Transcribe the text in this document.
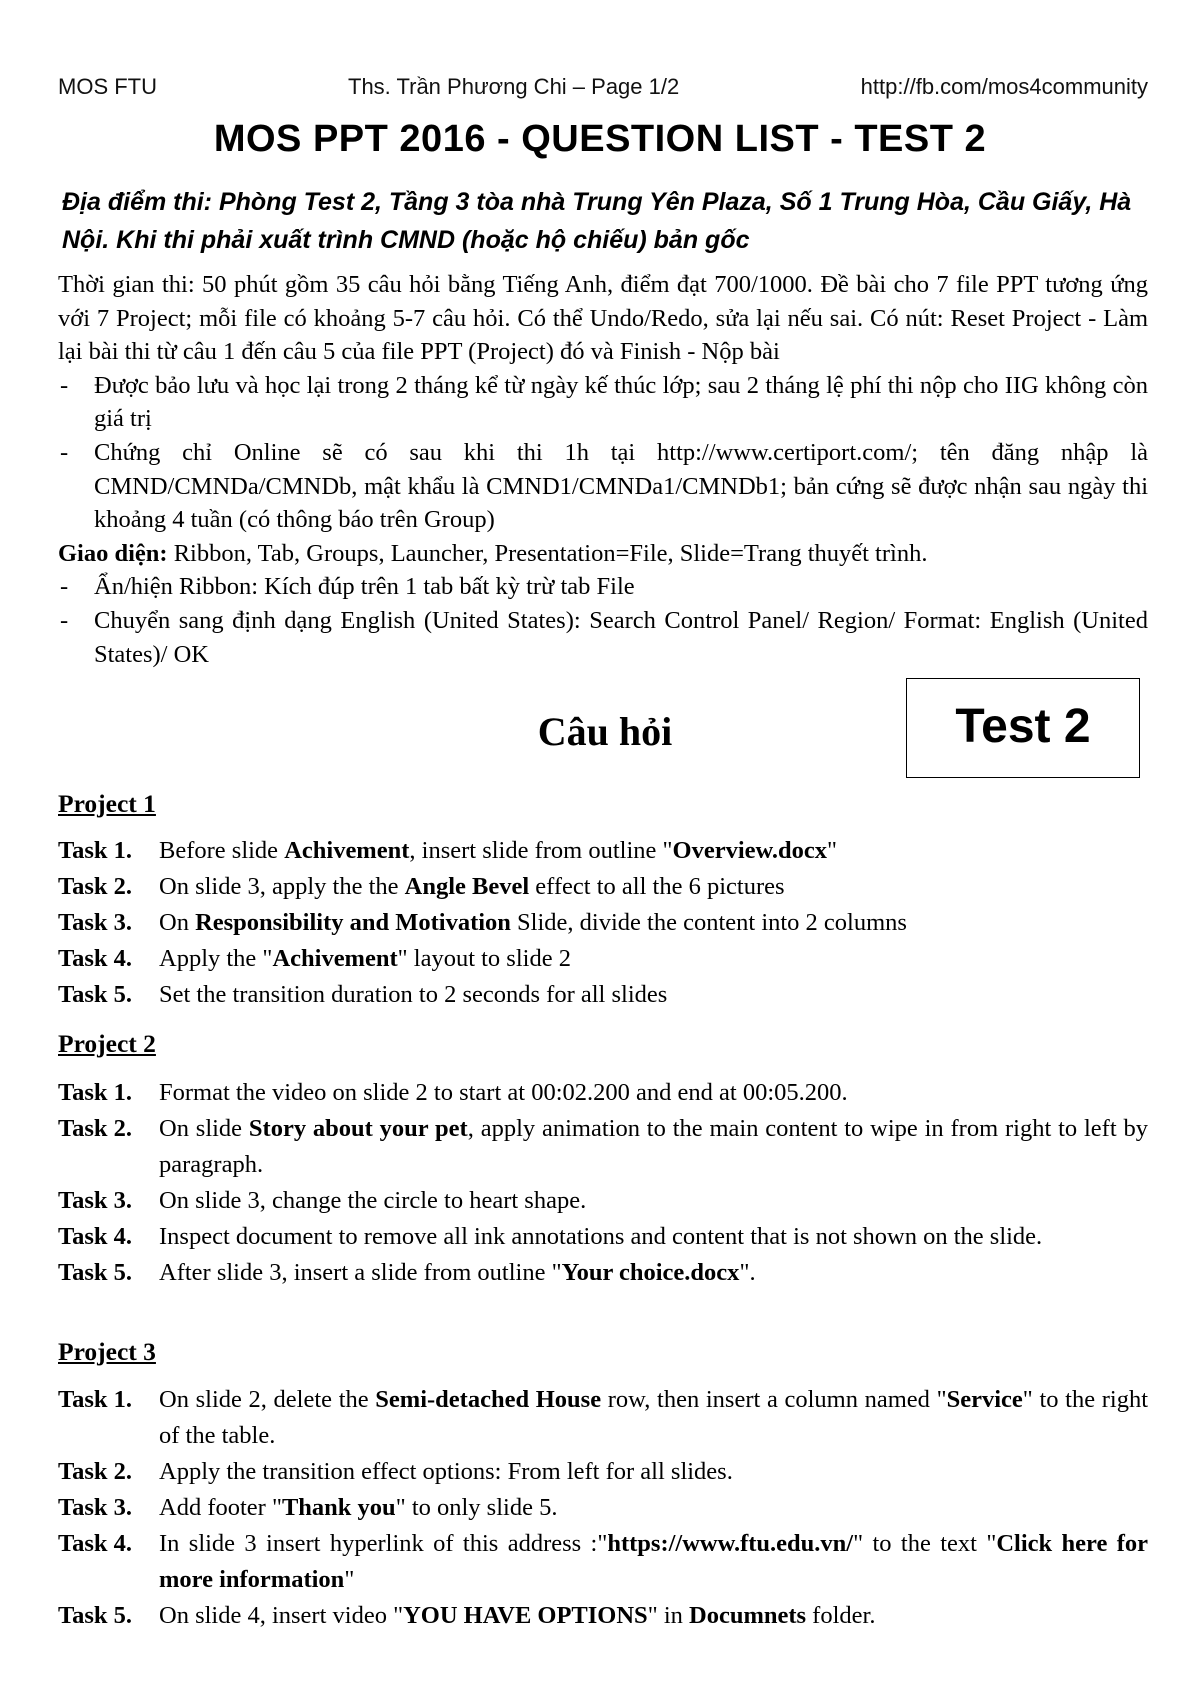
MOS FTU	Ths. Trần Phương Chi – Page 1/2	http://fb.com/mos4community
MOS PPT 2016 - QUESTION LIST - TEST 2
Địa điểm thi: Phòng Test 2, Tầng 3 tòa nhà Trung Yên Plaza, Số 1 Trung Hòa, Cầu Giấy, Hà Nội. Khi thi phải xuất trình CMND (hoặc hộ chiếu) bản gốc

Thời gian thi: 50 phút gồm 35 câu hỏi bằng Tiếng Anh, điểm đạt 700/1000. Đề bài cho 7 file PPT tương ứng với 7 Project; mỗi file có khoảng 5-7 câu hỏi. Có thể Undo/Redo, sửa lại nếu sai. Có nút: Reset Project - Làm lại bài thi từ câu 1 đến câu 5 của file PPT (Project) đó và Finish - Nộp bài

- Được bảo lưu và học lại trong 2 tháng kể từ ngày kế thúc lớp; sau 2 tháng lệ phí thi nộp cho IIG không còn giá trị

- Chứng chỉ Online sẽ có sau khi thi 1h tại http://www.certiport.com/; tên đăng nhập là CMND/CMNDa/CMNDb, mật khẩu là CMND1/CMNDa1/CMNDb1; bản cứng sẽ được nhận sau ngày thi khoảng 4 tuần (có thông báo trên Group)

Giao diện: Ribbon, Tab, Groups, Launcher, Presentation=File, Slide=Trang thuyết trình.

- Ẩn/hiện Ribbon: Kích đúp trên 1 tab bất kỳ trừ tab File

- Chuyển sang định dạng English (United States): Search Control Panel/ Region/ Format: English (United States)/ OK

Test 2
Câu hỏi

Project 1

Task 1. Before slide Achivement, insert slide from outline "Overview.docx"

Task 2. On slide 3, apply the the Angle Bevel effect to all the 6 pictures

Task 3. On Responsibility and Motivation Slide, divide the content into 2 columns

Task 4. Apply the "Achivement" layout to slide 2

Task 5. Set the transition duration to 2 seconds for all slides

Project 2

Task 1. Format the video on slide 2 to start at 00:02.200 and end at 00:05.200.

Task 2. On slide Story about your pet, apply animation to the main content to wipe in from right to left by paragraph.

Task 3. On slide 3, change the circle to heart shape.

Task 4. Inspect document to remove all ink annotations and content that is not shown on the slide.

Task 5. After slide 3, insert a slide from outline "Your choice.docx".

Project 3

Task 1. On slide 2, delete the Semi-detached House row, then insert a column named "Service" to the right of the table.

Task 2. Apply the transition effect options: From left for all slides.

Task 3. Add footer "Thank you" to only slide 5.

Task 4. In slide 3 insert hyperlink of this address :"https://www.ftu.edu.vn/" to the text "Click here for more information"

Task 5. On slide 4, insert video "YOU HAVE OPTIONS" in Documnets folder.
